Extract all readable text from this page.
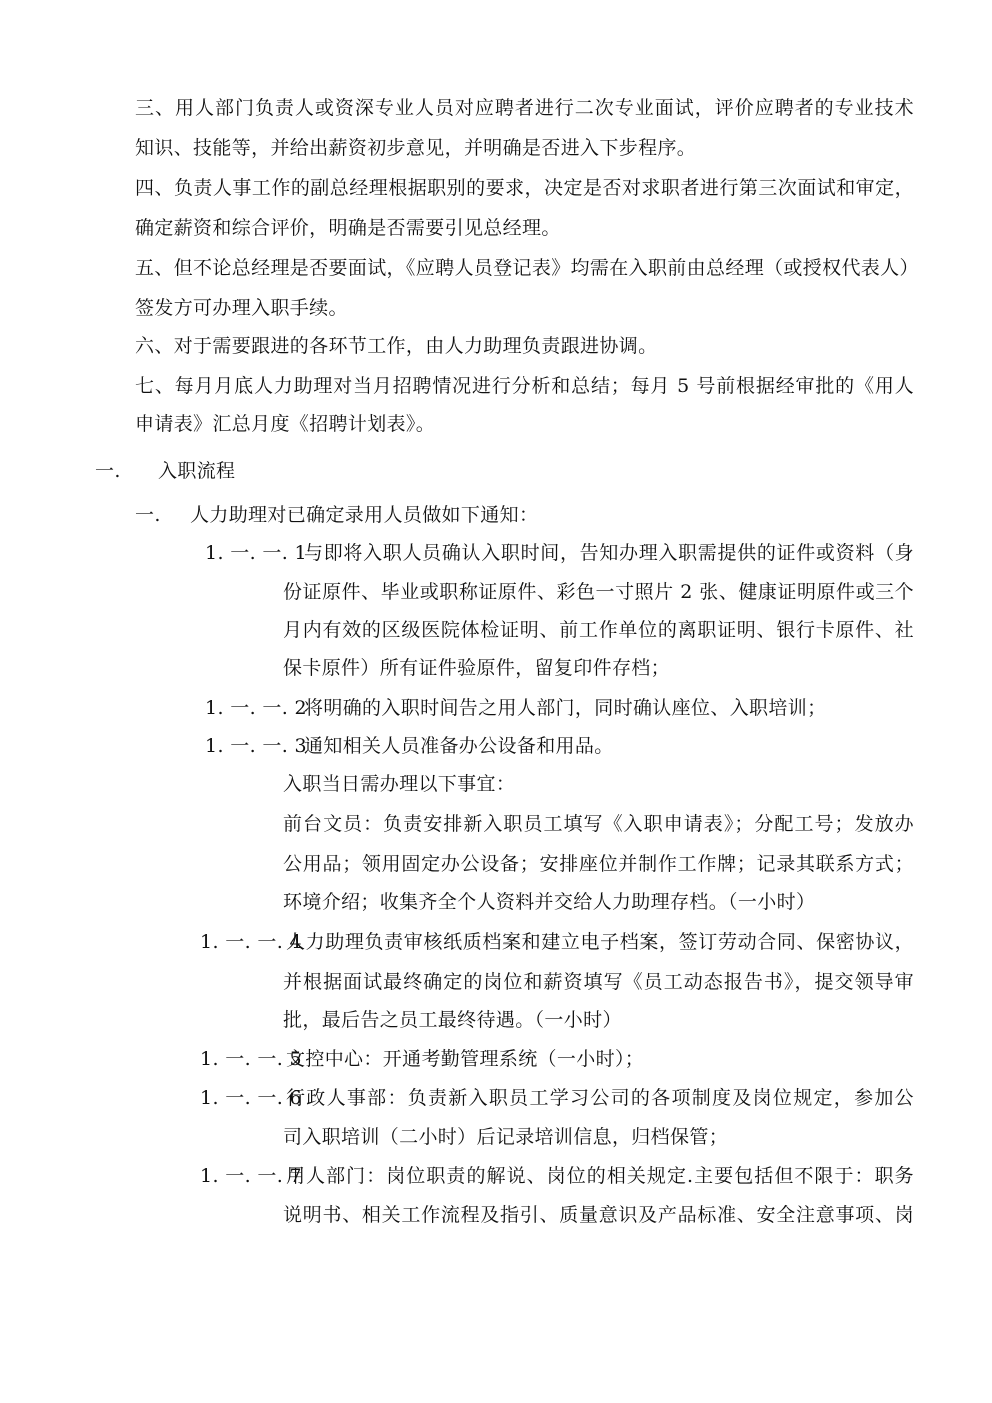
三、用人部门负责人或资深专业人员对应聘者进行二次专业面试，评价应聘者的专业技术
知识、技能等，并给出薪资初步意见，并明确是否进入下步程序。
四、负责人事工作的副总经理根据职别的要求，决定是否对求职者进行第三次面试和审定，
确定薪资和综合评价，明确是否需要引见总经理。
五、但不论总经理是否要面试，《应聘人员登记表》均需在入职前由总经理（或授权代表人）
签发方可办理入职手续。
六、对于需要跟进的各环节工作，由人力助理负责跟进协调。
七、每月月底人力助理对当月招聘情况进行分析和总结；每月 5 号前根据经审批的《用人
申请表》汇总月度《招聘计划表》。
一. 入职流程
一. 人力助理对已确定录用人员做如下通知：
1. 一. 一. 1
与即将入职人员确认入职时间，告知办理入职需提供的证件或资料（身
份证原件、毕业或职称证原件、彩色一寸照片 2 张、健康证明原件或三个
月内有效的区级医院体检证明、前工作单位的离职证明、银行卡原件、社
保卡原件）所有证件验原件，留复印件存档；
1. 一. 一. 2
将明确的入职时间告之用人部门，同时确认座位、入职培训；
1. 一. 一. 3
通知相关人员准备办公设备和用品。
入职当日需办理以下事宜：
前台文员：负责安排新入职员工填写《入职申请表》；分配工号；发放办
公用品；领用固定办公设备；安排座位并制作工作牌；记录其联系方式；
环境介绍；收集齐全个人资料并交给人力助理存档。（一小时）
1. 一. 一. 4
人力助理负责审核纸质档案和建立电子档案，签订劳动合同、保密协议，
并根据面试最终确定的岗位和薪资填写《员工动态报告书》，提交领导审
批，最后告之员工最终待遇。（一小时）
1. 一. 一. 5
文控中心：开通考勤管理系统（一小时）；
1. 一. 一. 6
行政人事部：负责新入职员工学习公司的各项制度及岗位规定，参加公
司入职培训（二小时）后记录培训信息，归档保管；
1. 一. 一. 7
用人部门：岗位职责的解说、岗位的相关规定.主要包括但不限于：职务
说明书、相关工作流程及指引、质量意识及产品标准、安全注意事项、岗
